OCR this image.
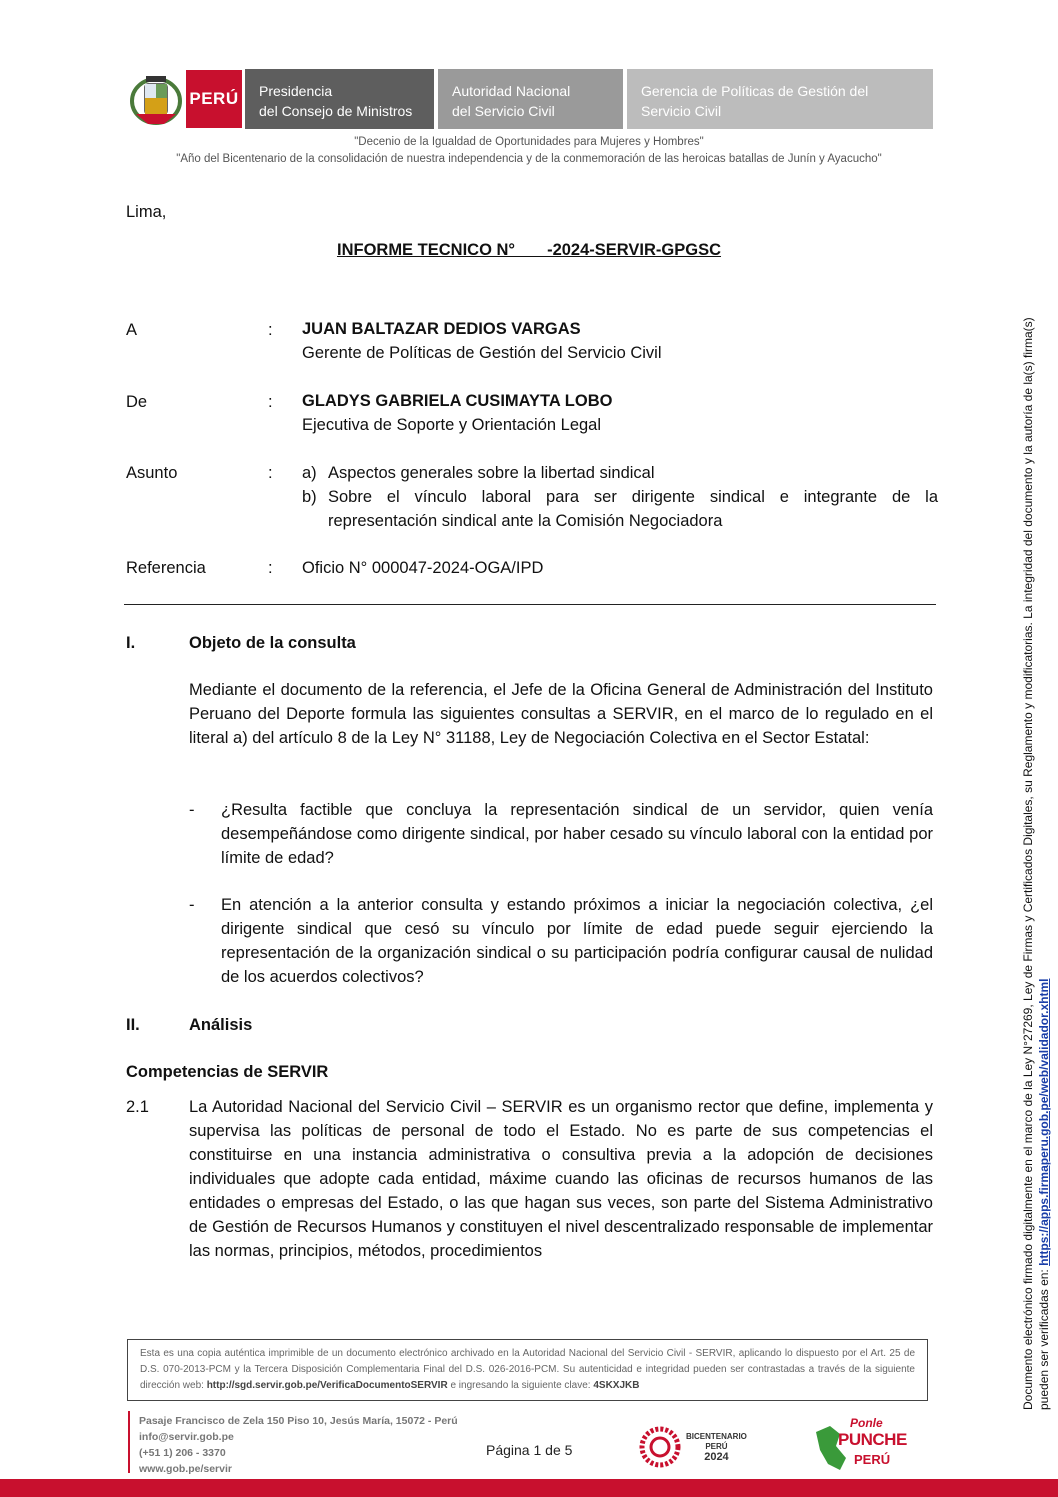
PERÚ Presidencia
del Consejo de Ministros
Autoridad Nacional
del Servicio Civil
Gerencia de Políticas de Gestión del
Servicio Civil
"Decenio de la Igualdad de Oportunidades para Mujeres y Hombres"
"Año del Bicentenario de la consolidación de nuestra independencia y de la conmemoración de las heroicas batallas de Junín y Ayacucho"
Lima,
INFORME TECNICO N°       -2024-SERVIR-GPGSC
A	: JUAN BALTAZAR DEDIOS VARGAS
Gerente de Políticas de Gestión del Servicio Civil
De	: GLADYS GABRIELA CUSIMAYTA LOBO
Ejecutiva de Soporte y Orientación Legal
Asunto	: a) Aspectos generales sobre la libertad sindical
b) Sobre el vínculo laboral para ser dirigente sindical e integrante de la representación sindical ante la Comisión Negociadora
Referencia	: Oficio N° 000047-2024-OGA/IPD
I.	Objeto de la consulta
Mediante el documento de la referencia, el Jefe de la Oficina General de Administración del Instituto Peruano del Deporte formula las siguientes consultas a SERVIR, en el marco de lo regulado en el literal a) del artículo 8 de la Ley N° 31188, Ley de Negociación Colectiva en el Sector Estatal:
- ¿Resulta factible que concluya la representación sindical de un servidor, quien venía desempeñándose como dirigente sindical, por haber cesado su vínculo laboral con la entidad por límite de edad?
- En atención a la anterior consulta y estando próximos a iniciar la negociación colectiva, ¿el dirigente sindical que cesó su vínculo por límite de edad puede seguir ejerciendo la representación de la organización sindical o su participación podría configurar causal de nulidad de los acuerdos colectivos?
II.	Análisis
Competencias de SERVIR
2.1 La Autoridad Nacional del Servicio Civil – SERVIR es un organismo rector que define, implementa y supervisa las políticas de personal de todo el Estado. No es parte de sus competencias el constituirse en una instancia administrativa o consultiva previa a la adopción de decisiones individuales que adopte cada entidad, máxime cuando las oficinas de recursos humanos de las entidades o empresas del Estado, o las que hagan sus veces, son parte del Sistema Administrativo de Gestión de Recursos Humanos y constituyen el nivel descentralizado responsable de implementar las normas, principios, métodos, procedimientos	Documento electrónico firmado digitalmente en el marco de la Ley N°27269, Ley de Firmas y Certificados Digitales, su Reglamento y modificatorias. La integridad del documento y la autoría de la(s) firma(s) pueden ser verificadas en: https://apps.firmaperu.gob.pe/web/validador.xhtml
Esta es una copia auténtica imprimible de un documento electrónico archivado en la Autoridad Nacional del Servicio Civil - SERVIR, aplicando lo dispuesto por el Art. 25 de D.S. 070-2013-PCM y la Tercera Disposición Complementaria Final del D.S. 026-2016-PCM. Su autenticidad e integridad pueden ser contrastadas a través de la siguiente dirección web: http://sgd.servir.gob.pe/VerificaDocumentoSERVIR e ingresando la siguiente clave: 4SKXJKB
Pasaje Francisco de Zela 150 Piso 10, Jesús María, 15072 - Perú
info@servir.gob.pe
(+51 1) 206 - 3370
www.gob.pe/servir
Página 1 de 5
BICENTENARIO
PERÚ
2024
Ponle
PUNCHE
PERÚ
